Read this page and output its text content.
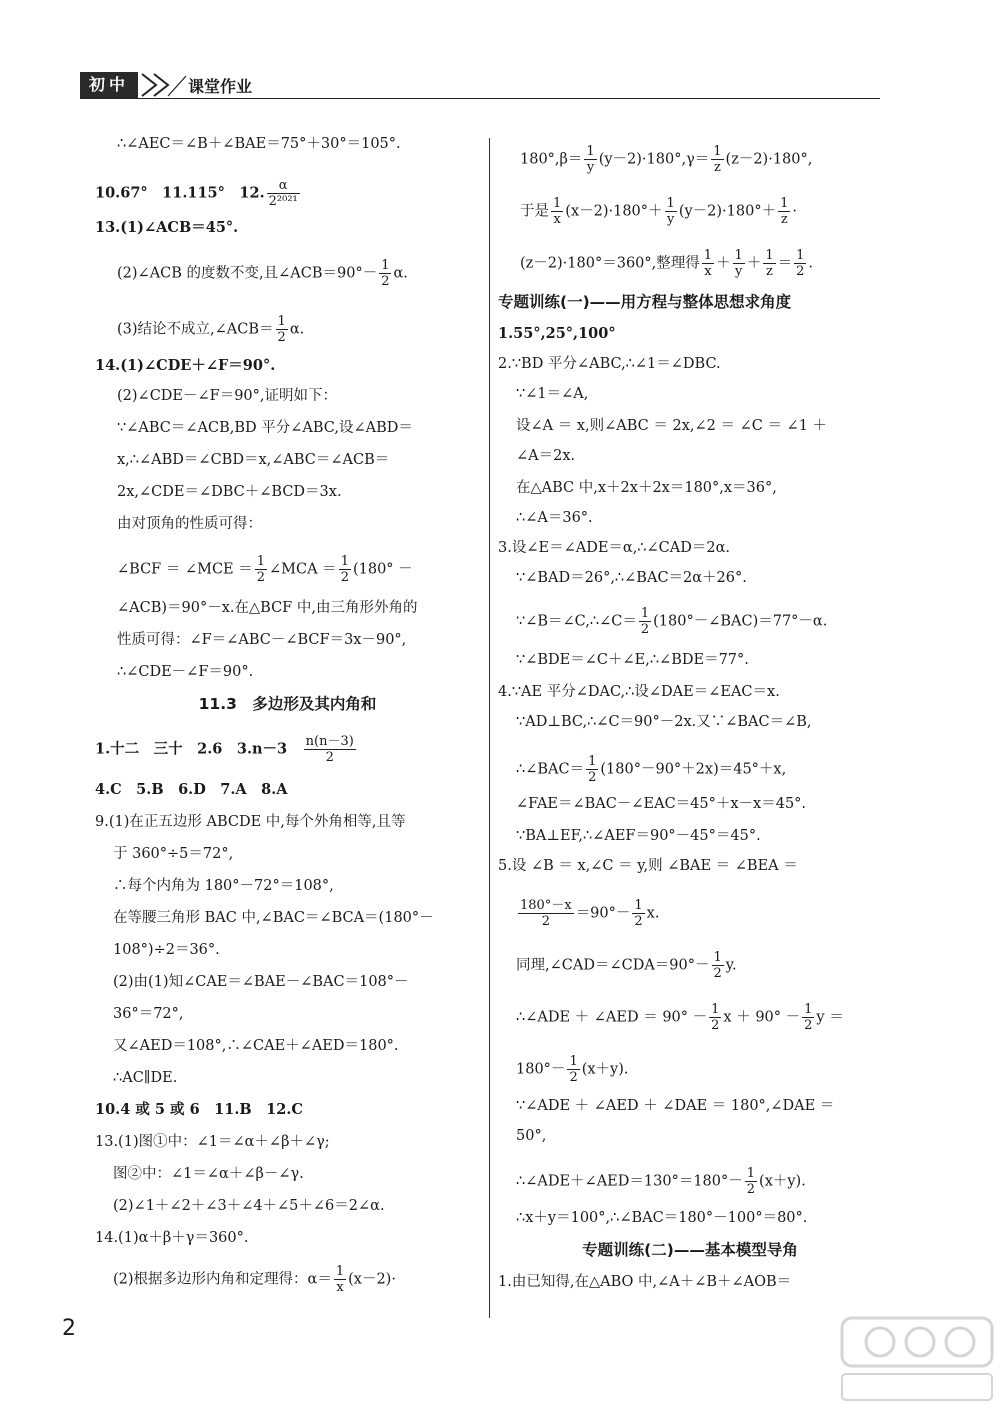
初中	课堂作业
∴∠AEC＝∠B＋∠BAE＝75°＋30°＝105°.
10.67°　11.115°　12. $\frac{\alpha}{\text{2²⁰²¹}}$
13.(1)∠ACB＝45°.
(2)∠ACB 的度数不变,且∠ACB＝90°－ $\frac{1}{2} \alpha$.
(3)结论不成立,∠ACB＝ $\frac{1}{2} \alpha$.
14.(1)∠CDE＋∠F＝90°.
(2)∠CDE－∠F＝90°,证明如下：
∵∠ABC＝∠ACB,BD 平分∠ABC,设∠ABD＝
x,∴∠ABD＝∠CBD＝x,∠ABC＝∠ACB＝
2x,∠CDE＝∠DBC＋∠BCD＝3x.
由对顶角的性质可得：
∠BCF ＝ ∠MCE ＝ $\frac{1}{2}$ ∠MCA ＝ $\frac{1}{2} (180^\circ$ －
∠ACB)＝90°－x.在△BCF 中,由三角形外角的
性质可得：∠F＝∠ABC－∠BCF＝3x－90°,
∴∠CDE－∠F＝90°.
11.3　多边形及其内角和
1.十二　三十　2.6　3.n－3　 $\frac{n(n-3)}{2}$
4.C　5.B　6.D　7.A　8.A
9.(1)在正五边形 ABCDE 中,每个外角相等,且等
于 360°÷5＝72°,
∴每个内角为 180°－72°＝108°,
在等腰三角形 BAC 中,∠BAC＝∠BCA＝(180°－
108°)÷2＝36°.
(2)由(1)知∠CAE＝∠BAE－∠BAC＝108°－
36°＝72°,
又∠AED＝108°,∴∠CAE＋∠AED＝180°.
∴AC∥DE.
10.4 或 5 或 6　11.B　12.C
13.(1)图①中：∠1＝∠α＋∠β＋∠γ;
图②中：∠1＝∠α＋∠β－∠γ.
(2)∠1＋∠2＋∠3＋∠4＋∠5＋∠6＝2∠α.
14.(1)α＋β＋γ＝360°.
(2)根据多边形内角和定理得：$\alpha= \frac{1}{x} (x-2)\cdot$
$180^\circ,\beta= \frac{1}{y} (y-2)\cdot 180^\circ,\gamma= \frac{1}{z} (z-2)\cdot 180^\circ$,
于是 $\frac{1}{x} (x-2)\cdot 180^\circ+ \frac{1}{y} (y-2)\cdot 180^\circ+ \frac{1}{z}$ ·
(z－2)·180°＝360°,整理得 $\frac{1}{x} + \frac{1}{y} + \frac{1}{z} = \frac{1}{2}$ .
专题训练(一)——用方程与整体思想求角度
1.55°,25°,100°
2.∵BD 平分∠ABC,∴∠1＝∠DBC.
∵∠1＝∠A,
设∠A ＝ x,则∠ABC ＝ 2x,∠2 ＝ ∠C ＝ ∠1 ＋
∠A＝2x.
在△ABC 中,x＋2x＋2x＝180°,x＝36°,
∴∠A＝36°.
3.设∠E＝∠ADE＝α,∴∠CAD＝2α.
∵∠BAD＝26°,∴∠BAC＝2α＋26°.
∵∠B＝∠C,∴∠C＝ $\frac{1}{2}$ (180°－∠BAC)＝77°－α.
∵∠BDE＝∠C＋∠E,∴∠BDE＝77°.
4.∵AE 平分∠DAC,∴设∠DAE＝∠EAC＝x.
∵AD⊥BC,∴∠C＝90°－2x.又∵∠BAC＝∠B,
∴∠BAC＝ $\frac{1}{2} (180^\circ-90^\circ+2x)=45^\circ+x$,
∠FAE＝∠BAC－∠EAC＝45°＋x－x＝45°.
∵BA⊥EF,∴∠AEF＝90°－45°＝45°.
5.设 ∠B ＝ x,∠C ＝ y,则 ∠BAE ＝ ∠BEA ＝
$\frac{180^\circ-x}{2} =90^\circ- \frac{1}{2} x$.
同理,∠CAD＝∠CDA＝90°－ $\frac{1}{2} y$.
∴∠ADE ＋ ∠AED ＝ $90^\circ - \frac{1}{2}$ $x + 90^\circ - \frac{1}{2}$ y ＝
$180^\circ- \frac{1}{2} (x+y)$.
∵∠ADE ＋ ∠AED ＋ ∠DAE ＝ 180°,∠DAE ＝
50°,
∴∠ADE＋∠AED＝130°＝180°－ $\frac{1}{2} (x+y)$.
∴x＋y＝100°,∴∠BAC＝180°－100°＝80°.
专题训练(二)——基本模型导角
1.由已知得,在△ABO 中,∠A＋∠B＋∠AOB＝
2
